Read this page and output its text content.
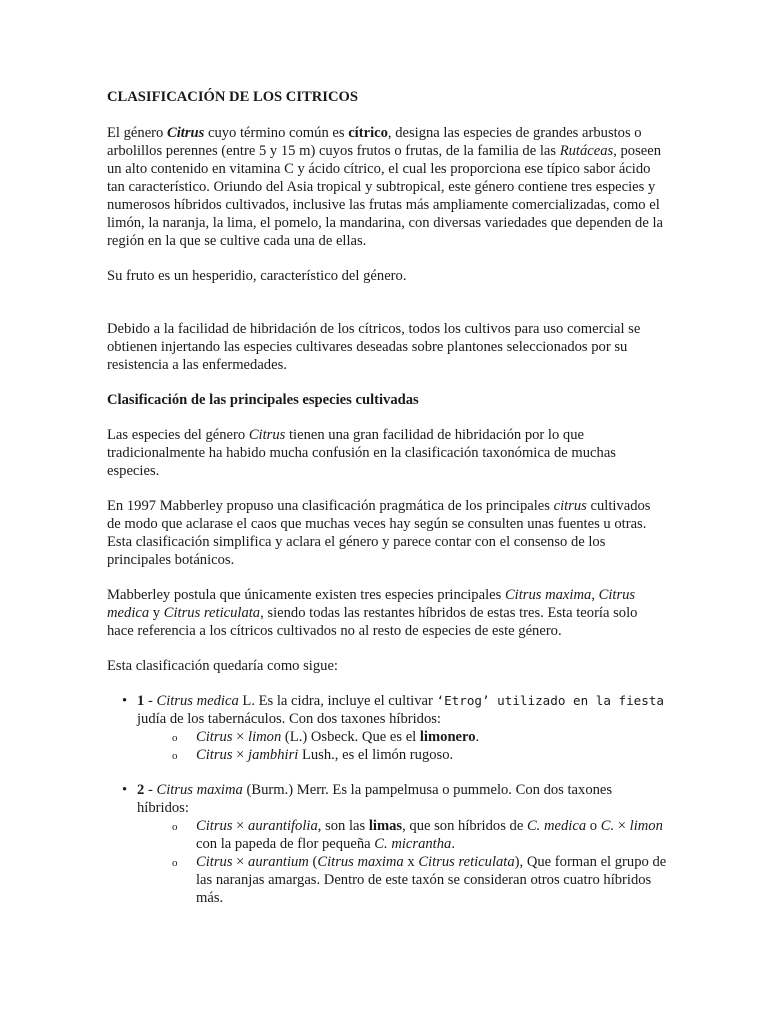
CLASIFICACIÓN DE LOS CITRICOS

El género Citrus cuyo término común es cítrico, designa las especies de grandes arbustos o arbolillos perennes (entre 5 y 15 m) cuyos frutos o frutas, de la familia de las Rutáceas, poseen un alto contenido en vitamina C y ácido cítrico, el cual les proporciona ese típico sabor ácido tan característico. Oriundo del Asia tropical y subtropical, este género contiene tres especies y numerosos híbridos cultivados, inclusive las frutas más ampliamente comercializadas, como el limón, la naranja, la lima, el pomelo, la mandarina, con diversas variedades que dependen de la región en la que se cultive cada una de ellas.

Su fruto es un hesperidio, característico del género.

Debido a la facilidad de hibridación de los cítricos, todos los cultivos para uso comercial se obtienen injertando las especies cultivares deseadas sobre plantones seleccionados por su resistencia a las enfermedades.

Clasificación de las principales especies cultivadas

Las especies del género Citrus tienen una gran facilidad de hibridación por lo que tradicionalmente ha habido mucha confusión en la clasificación taxonómica de muchas especies.

En 1997 Mabberley propuso una clasificación pragmática de los principales citrus cultivados de modo que aclarase el caos que muchas veces hay según se consulten unas fuentes u otras. Esta clasificación simplifica y aclara el género y parece contar con el consenso de los principales botánicos.

Mabberley postula que únicamente existen tres especies principales Citrus maxima, Citrus medica y Citrus reticulata, siendo todas las restantes híbridos de estas tres. Esta teoría solo hace referencia a los cítricos cultivados no al resto de especies de este género.

Esta clasificación quedaría como sigue:

• 1 - Citrus medica L. Es la cidra, incluye el cultivar ‘Etrog’ utilizado en la fiesta judía de los tabernáculos. Con dos taxones híbridos:
o Citrus × limon (L.) Osbeck. Que es el limonero.
o Citrus × jambhiri Lush., es el limón rugoso.
• 2 - Citrus maxima (Burm.) Merr. Es la pampelmusa o pummelo. Con dos taxones híbridos:
o Citrus × aurantifolia, son las limas, que son híbridos de C. medica o C. × limon con la papeda de flor pequeña C. micrantha.
o Citrus × aurantium (Citrus maxima x Citrus reticulata), Que forman el grupo de las naranjas amargas. Dentro de este taxón se consideran otros cuatro híbridos más.
